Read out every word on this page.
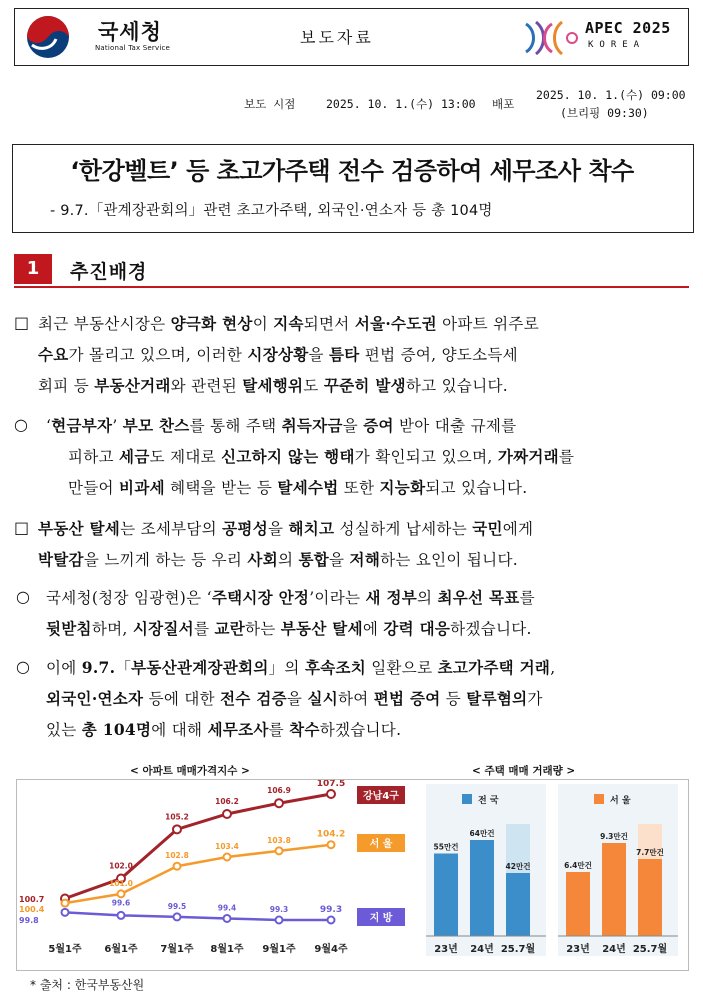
국세청
National Tax Service
보도자료	APEC 2025
KOREA
보도 시점	2025. 10. 1.(수) 13:00 배포
2025. 10. 1.(수) 09:00
(브리핑 09:30)
‘한강벨트’ 등 초고가주택 전수 검증하여 세무조사 착수
- 9.7.「관계장관회의」관련 초고가주택, 외국인·연소자 등 총 104명
1	추진배경
□ 최근 부동산시장은 양극화 현상이 지속되면서 서울·수도권 아파트 위주로
수요가 몰리고 있으며, 이러한 시장상황을 틈타 편법 증여, 양도소득세
회피 등 부동산거래와 관련된 탈세행위도 꾸준히 발생하고 있습니다.
○ ‘현금부자’ 부모 찬스를 통해 주택 취득자금을 증여 받아 대출 규제를
피하고 세금도 제대로 신고하지 않는 행태가 확인되고 있으며, 가짜거래를
만들어 비과세 혜택을 받는 등 탈세수법 또한 지능화되고 있습니다.
□ 부동산 탈세는 조세부담의 공평성을 해치고 성실하게 납세하는 국민에게
박탈감을 느끼게 하는 등 우리 사회의 통합을 저해하는 요인이 됩니다.
○ 국세청(청장 임광현)은 ‘주택시장 안정’이라는 새 정부의 최우선 목표를
뒷받침하며, 시장질서를 교란하는 부동산 탈세에 강력 대응하겠습니다.
○ 이에 9.7.「부동산관계장관회의」의 후속조치 일환으로 초고가주택 거래,
외국인·연소자 등에 대한 전수 검증을 실시하여 편법 증여 등 탈루혐의가
있는 총 104명에 대해 세무조사를 착수하겠습니다.
< 아파트 매매가격지수 >	< 주택 매매 거래량 >
5월1주 6월1주 7월1주 8월1주 9월1주 9월4주
102.0
105.2
106.2
106.9
107.5
100.7
강남4구
101.0
102.8
103.4
103.8
104.2
100.4
서 울
99.6	99.5	99.4	99.3	99.3
99.8	지 방
전 국
55만건
23년
64만건
24년
42만건
25.7월
서 울
6.4만건
23년
9.3만건
24년
7.7만건
25.7월
* 출처 : 한국부동산원
